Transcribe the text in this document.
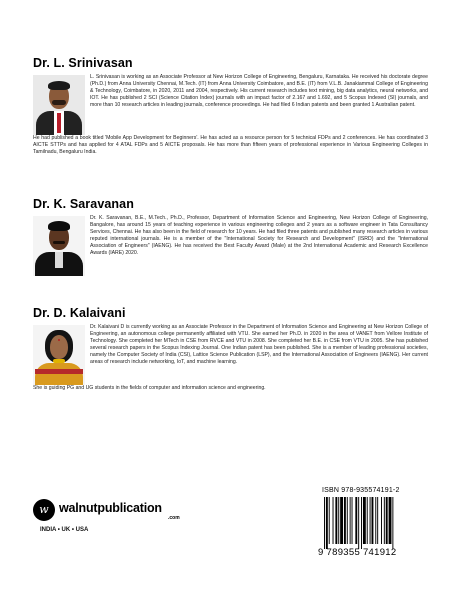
Dr. L. Srinivasan
L. Srinivasan is working as an Associate Professor at New Horizon College of Engineering, Bengaluru, Karnataka. He received his doctorate degree (Ph.D.) from Anna University Chennai, M.Tech. (IT) from Anna University Coimbatore, and B.E. (IT) from V.L.B. Janakiammal College of Engineering & Technology, Coimbatore, in 2020, 2011 and 2004, respectively. His current research includes text mining, big data analytics, neural networks, and IOT. He has published 2 SCI (Science Citation Index) journals with an impact factor of 2.167 and 1.692, and 5 Scopus Indexed (SI) journals, and more than 10 research articles in leading journals, conference proceedings. He had filed 6 Indian patents and been granted 1 Australian patent.
He had published a book titled 'Mobile App Development for Beginners'. He has acted as a resource person for 5 technical FDPs and 2 conferences. He has coordinated 3 AICTE STTPs and has applied for 4 ATAL FDPs and 5 AICTE proposals. He has more than fifteen years of professional experience in Various Engineering Colleges in Tamilnadu, Bengaluru India.
Dr. K. Saravanan
Dr. K. Saravanan, B.E., M.Tech., Ph.D., Professor, Department of Information Science and Engineering, New Horizon College of Engineering, Bangalore, has around 15 years of teaching experience in various engineering colleges and 2 years as a software engineer in Tata Consultancy Services, Chennai. He has also been in the field of research for 10 years. He had filed three patents and published many research articles in various reputed international journals. He is a member of the "International Society for Research and Development" (ISRD) and the "International Association of Engineers" (IAENG). He has received the Best Faculty Award (Male) at the 2nd International Academic and Research Excellence Awards (IARE) 2020.
Dr. D. Kalaivani
Dr. Kalaivani D is currently working as an Associate Professor in the Department of Information Science and Engineering at New Horizon College of Engineering, an autonomous college permanently affiliated with VTU. She earned her Ph.D. in 2020 in the area of VANET from Vellore Institute of Technology. She completed her MTech in CSE from RVCE and VTU in 2008. She completed her B.E. in CSE from VTU in 2005. She has published several research papers in the Scopus Indexing Journal. One Indian patent has been published. She is a member of leading professional societies, namely the Computer Society of India (CSI), Lattice Science Publication (LSP), and the International Association of Engineers (IAENG). Her current areas of research include networking, IoT, and machine learning.
She is guiding PG and UG students in the fields of computer and information science and engineering.
w walnutpublication
.com
INDIA • UK • USA
ISBN 978-935574191-2
9 789355 741912
